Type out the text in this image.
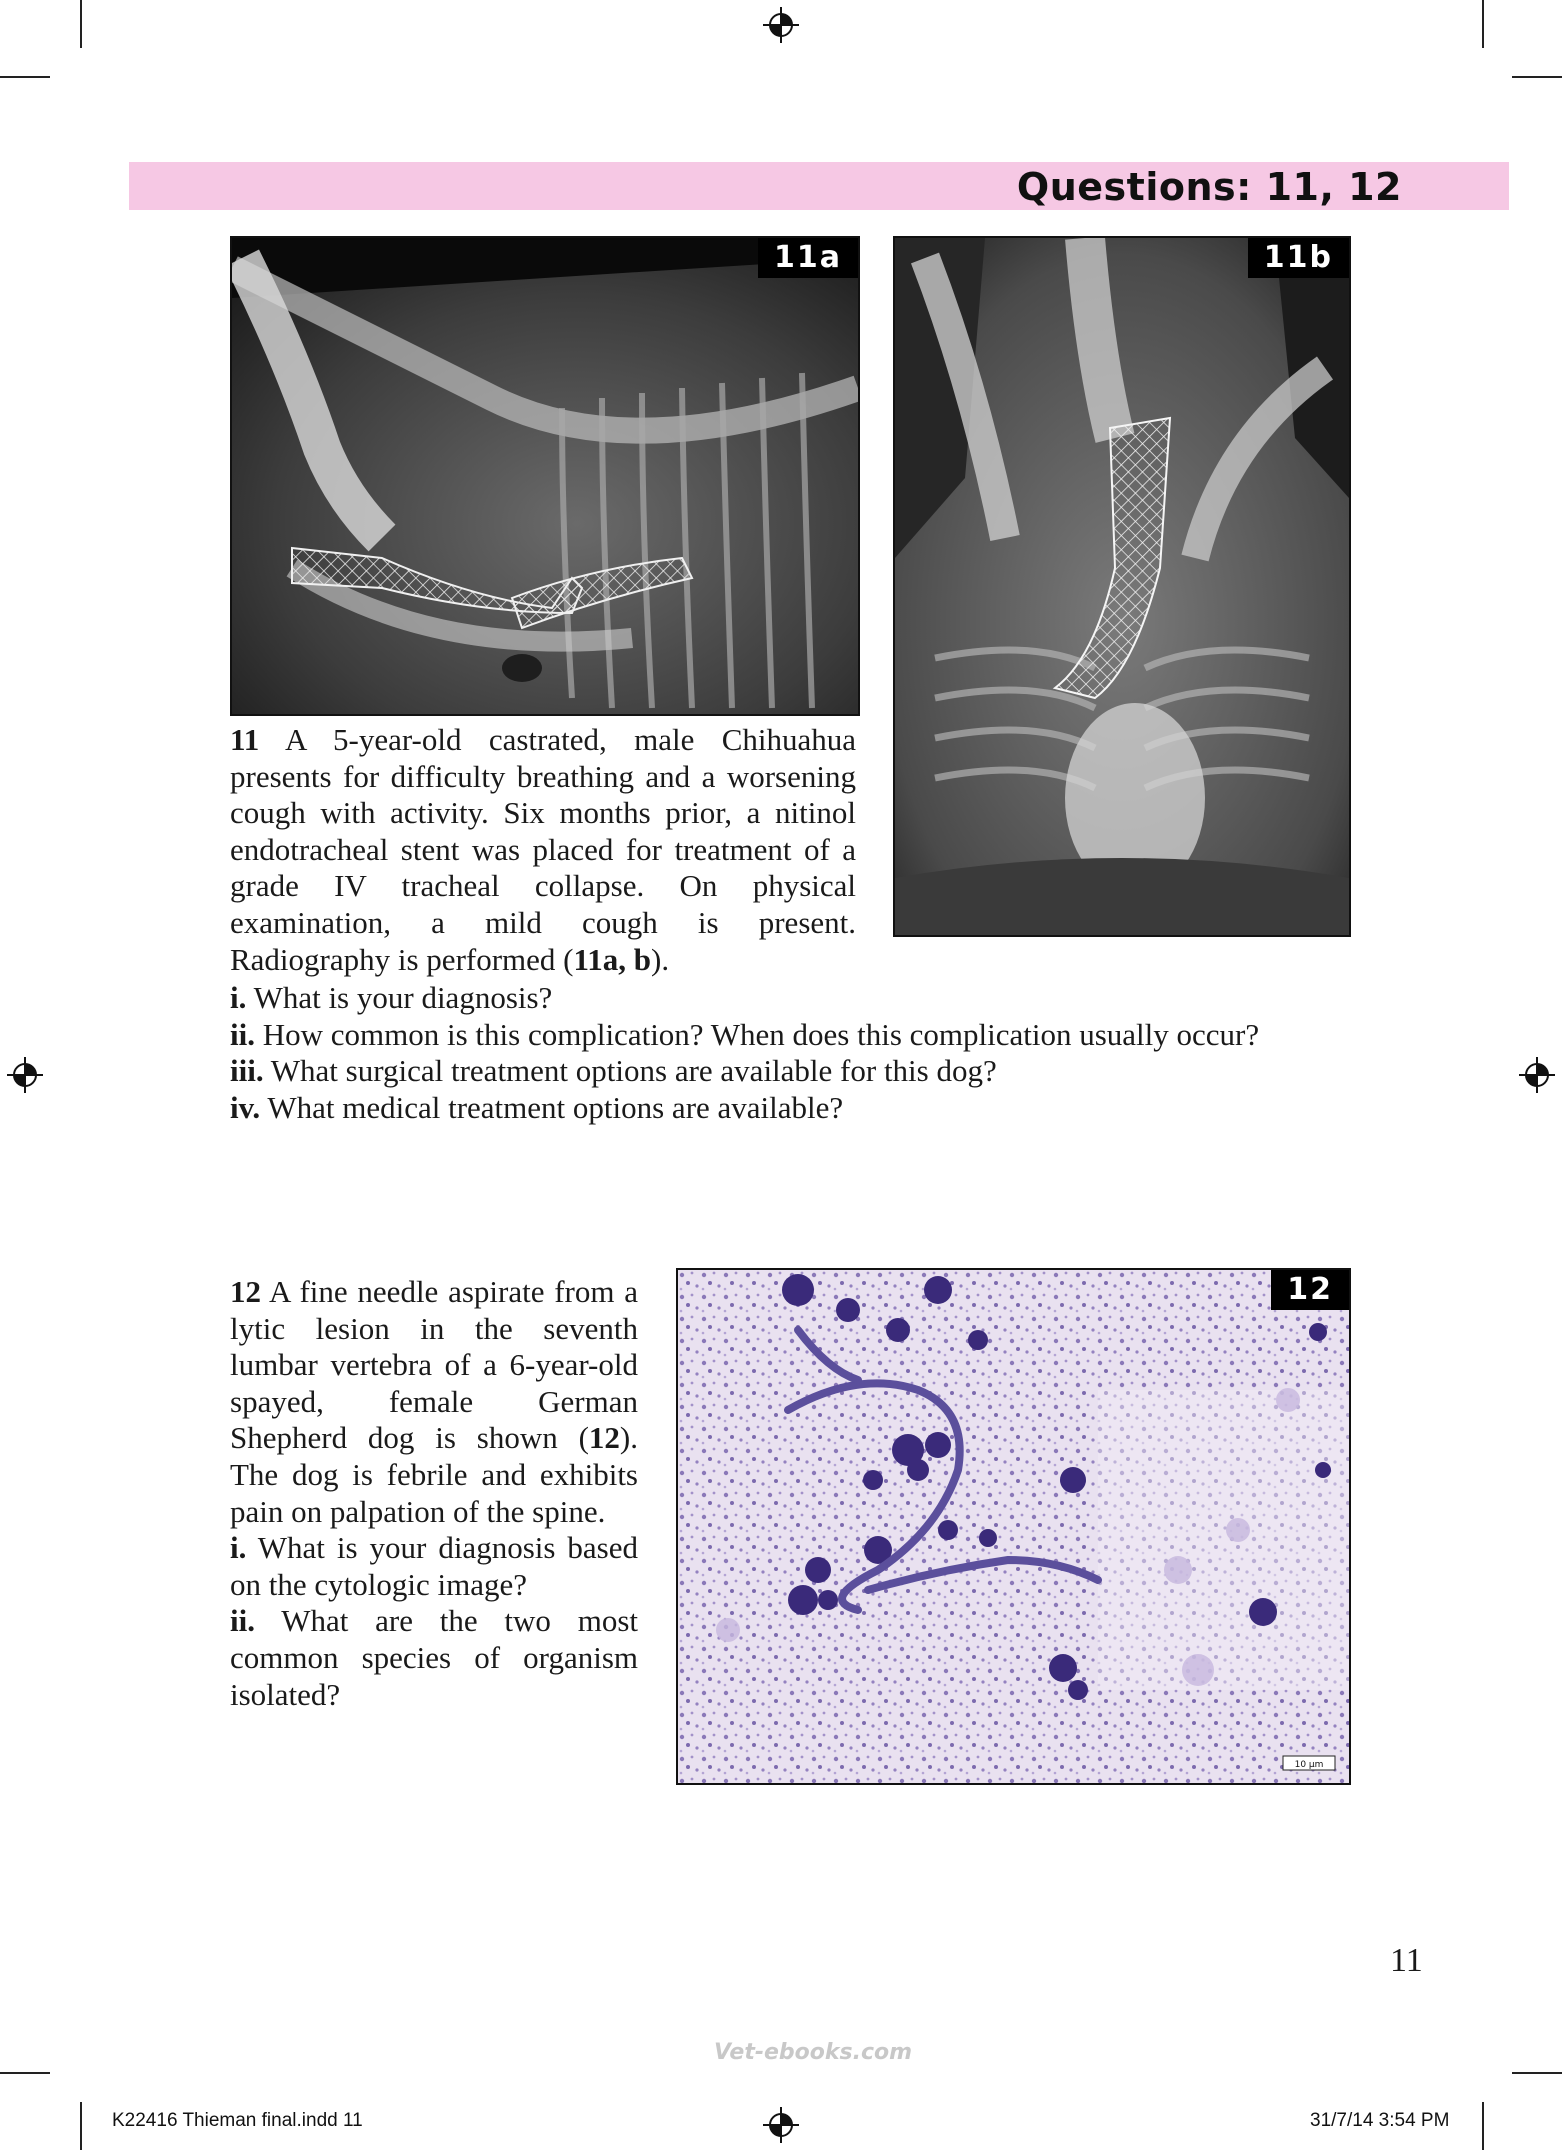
Questions: 11, 12
11a	11b

11 A 5-year-old castrated, male Chihuahua presents for difficulty breathing and a worsening cough with activity. Six months prior, a nitinol endotracheal stent was placed for treatment of a grade IV tracheal collapse. On physical examination, a mild cough is present. Radiography is performed (11a, b).

i. What is your diagnosis?

ii. How common is this complication? When does this complication usually occur?

iii. What surgical treatment options are available for this dog?

iv. What medical treatment options are available?

12 A fine needle aspirate from a lytic lesion in the seventh lumbar vertebra of a 6-year-old spayed, female German Shepherd dog is shown (12). The dog is febrile and exhibits pain on palpation of the spine.

i. What is your diagnosis based on the cytologic image?

ii. What are the two most common species of organism isolated?

10 µm
12
11
Vet-ebooks.com
K22416 Thieman final.indd 11	31/7/14 3:54 PM
